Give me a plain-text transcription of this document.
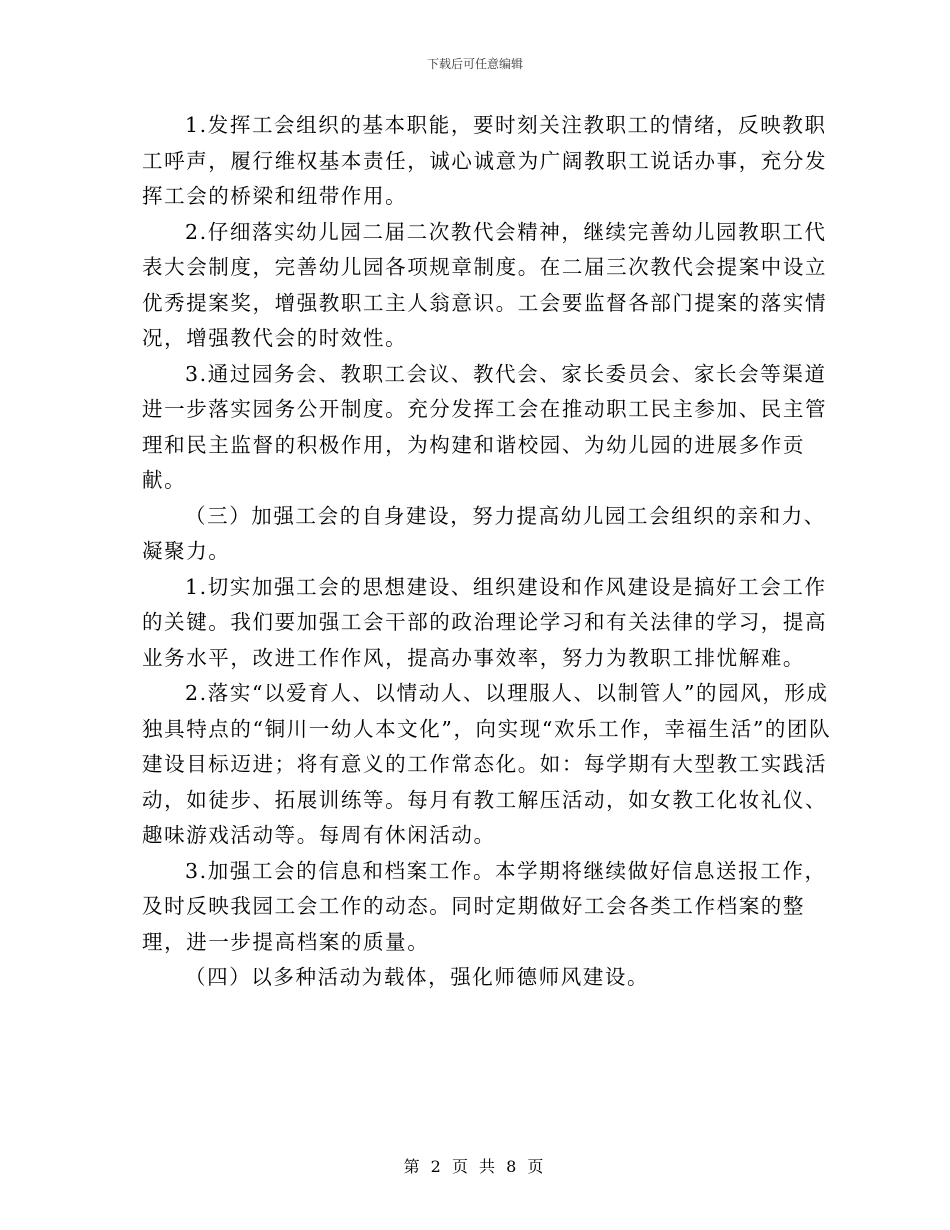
下载后可任意编辑

1.发挥工会组织的基本职能，要时刻关注教职工的情绪，反映教职工呼声，履行维权基本责任，诚心诚意为广阔教职工说话办事，充分发挥工会的桥梁和纽带作用。

2.仔细落实幼儿园二届二次教代会精神，继续完善幼儿园教职工代表大会制度，完善幼儿园各项规章制度。在二届三次教代会提案中设立优秀提案奖，增强教职工主人翁意识。工会要监督各部门提案的落实情况，增强教代会的时效性。

3.通过园务会、教职工会议、教代会、家长委员会、家长会等渠道进一步落实园务公开制度。充分发挥工会在推动职工民主参加、民主管理和民主监督的积极作用，为构建和谐校园、为幼儿园的进展多作贡献。

（三）加强工会的自身建设，努力提高幼儿园工会组织的亲和力、凝聚力。

1.切实加强工会的思想建设、组织建设和作风建设是搞好工会工作的关键。我们要加强工会干部的政治理论学习和有关法律的学习，提高业务水平，改进工作作风，提高办事效率，努力为教职工排忧解难。

2.落实“以爱育人、以情动人、以理服人、以制管人”的园风，形成独具特点的“铜川一幼人本文化”，向实现“欢乐工作，幸福生活”的团队建设目标迈进；将有意义的工作常态化。如：每学期有大型教工实践活动，如徒步、拓展训练等。每月有教工解压活动，如女教工化妆礼仪、趣味游戏活动等。每周有休闲活动。

3.加强工会的信息和档案工作。本学期将继续做好信息送报工作，及时反映我园工会工作的动态。同时定期做好工会各类工作档案的整理，进一步提高档案的质量。

（四）以多种活动为载体，强化师德师风建设。

第 2 页 共 8 页
